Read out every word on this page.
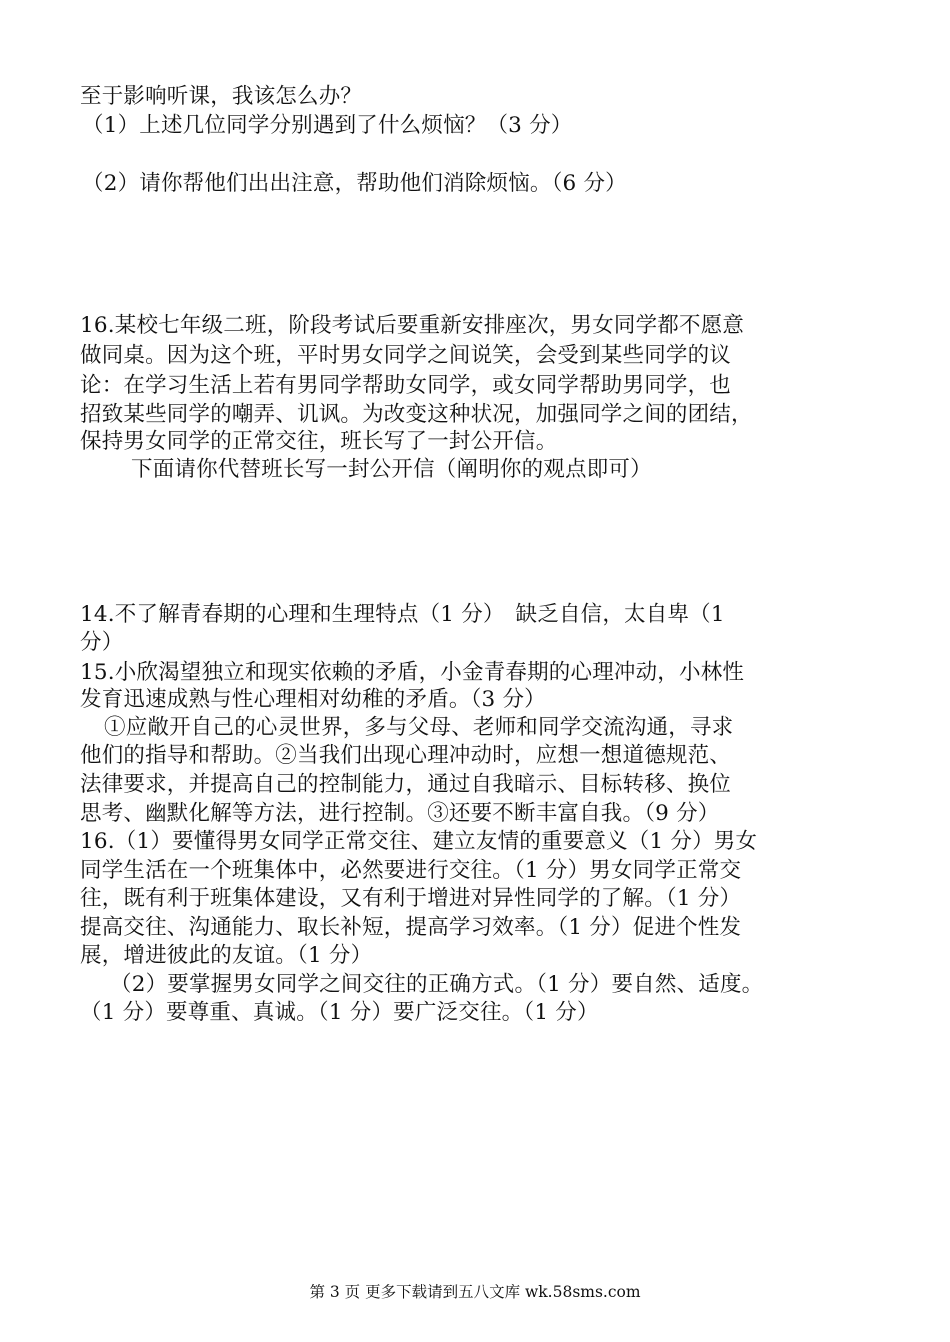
至于影响听课，我该怎么办？
（1）上述几位同学分别遇到了什么烦恼？（3 分）
（2）请你帮他们出出注意，帮助他们消除烦恼。（6 分）
16.某校七年级二班，阶段考试后要重新安排座次，男女同学都不愿意
做同桌。因为这个班，平时男女同学之间说笑，会受到某些同学的议
论：在学习生活上若有男同学帮助女同学，或女同学帮助男同学，也
招致某些同学的嘲弄、讥讽。为改变这种状况，加强同学之间的团结，
保持男女同学的正常交往，班长写了一封公开信。
下面请你代替班长写一封公开信（阐明你的观点即可）
14.不了解青春期的心理和生理特点（1 分）　缺乏自信，太自卑（1
分）
15.小欣渴望独立和现实依赖的矛盾，小金青春期的心理冲动，小林性
发育迅速成熟与性心理相对幼稚的矛盾。（3 分）
①应敞开自己的心灵世界，多与父母、老师和同学交流沟通，寻求
他们的指导和帮助。②当我们出现心理冲动时，应想一想道德规范、
法律要求，并提高自己的控制能力，通过自我暗示、目标转移、换位
思考、幽默化解等方法，进行控制。③还要不断丰富自我。（9 分）
16.（1）要懂得男女同学正常交往、建立友情的重要意义（1 分）男女
同学生活在一个班集体中，必然要进行交往。（1 分）男女同学正常交
往，既有利于班集体建设，又有利于增进对异性同学的了解。（1 分）
提高交往、沟通能力、取长补短，提高学习效率。（1 分）促进个性发
展，增进彼此的友谊。（1 分）
（2）要掌握男女同学之间交往的正确方式。（1 分）要自然、适度。
（1 分）要尊重、真诚。（1 分）要广泛交往。（1 分）
第 3 页 更多下载请到五八文库 wk.58sms.com
